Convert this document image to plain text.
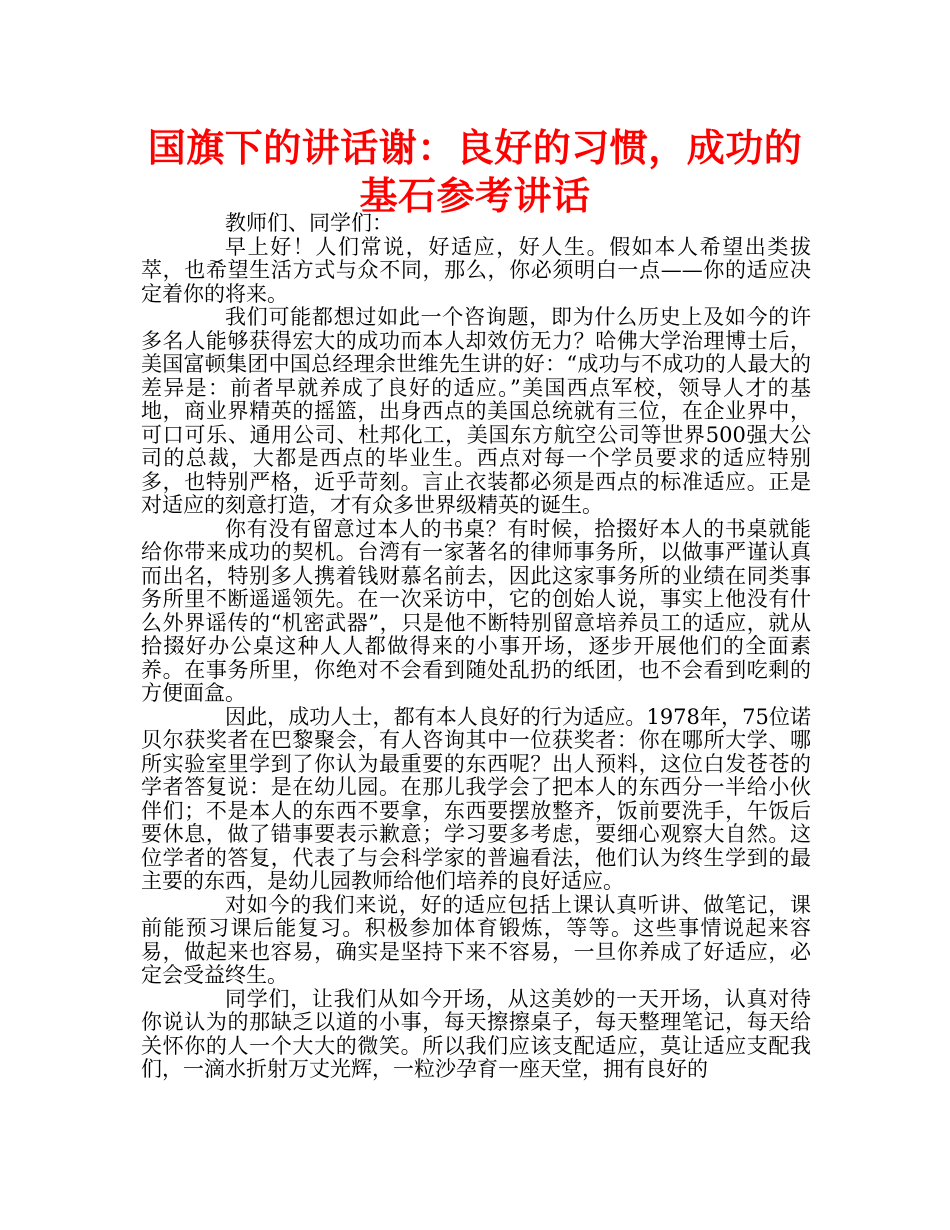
国旗下的讲话谢：良好的习惯，成功的基石参考讲话

教师们、同学们：

早上好！人们常说，好适应，好人生。假如本人希望出类拔萃，也希望生活方式与众不同，那么，你必须明白一点——你的适应决定着你的将来。

我们可能都想过如此一个咨询题，即为什么历史上及如今的许多名人能够获得宏大的成功而本人却效仿无力？哈佛大学治理博士后，美国富顿集团中国总经理余世维先生讲的好：“成功与不成功的人最大的差异是：前者早就养成了良好的适应。”美国西点军校，领导人才的基地，商业界精英的摇篮，出身西点的美国总统就有三位，在企业界中，可口可乐、通用公司、杜邦化工，美国东方航空公司等世界500强大公司的总裁，大都是西点的毕业生。西点对每一个学员要求的适应特别多，也特别严格，近乎苛刻。言止衣装都必须是西点的标准适应。正是对适应的刻意打造，才有众多世界级精英的诞生。

你有没有留意过本人的书桌？有时候，拾掇好本人的书桌就能给你带来成功的契机。台湾有一家著名的律师事务所，以做事严谨认真而出名，特别多人携着钱财慕名前去，因此这家事务所的业绩在同类事务所里不断遥遥领先。在一次采访中，它的创始人说，事实上他没有什么外界谣传的“机密武器”，只是他不断特别留意培养员工的适应，就从拾掇好办公桌这种人人都做得来的小事开场，逐步开展他们的全面素养。在事务所里，你绝对不会看到随处乱扔的纸团，也不会看到吃剩的方便面盒。

因此，成功人士，都有本人良好的行为适应。1978年，75位诺贝尔获奖者在巴黎聚会，有人咨询其中一位获奖者：你在哪所大学、哪所实验室里学到了你认为最重要的东西呢？出人预料，这位白发苍苍的学者答复说：是在幼儿园。在那儿我学会了把本人的东西分一半给小伙伴们；不是本人的东西不要拿，东西要摆放整齐，饭前要洗手，午饭后要休息，做了错事要表示歉意；学习要多考虑，要细心观察大自然。这位学者的答复，代表了与会科学家的普遍看法，他们认为终生学到的最主要的东西，是幼儿园教师给他们培养的良好适应。

对如今的我们来说，好的适应包括上课认真听讲、做笔记，课前能预习课后能复习。积极参加体育锻炼，等等。这些事情说起来容易，做起来也容易，确实是坚持下来不容易，一旦你养成了好适应，必定会受益终生。

同学们，让我们从如今开场，从这美妙的一天开场，认真对待你说认为的那缺乏以道的小事，每天擦擦桌子，每天整理笔记，每天给关怀你的人一个大大的微笑。所以我们应该支配适应，莫让适应支配我们，一滴水折射万丈光辉，一粒沙孕育一座天堂，拥有良好的
